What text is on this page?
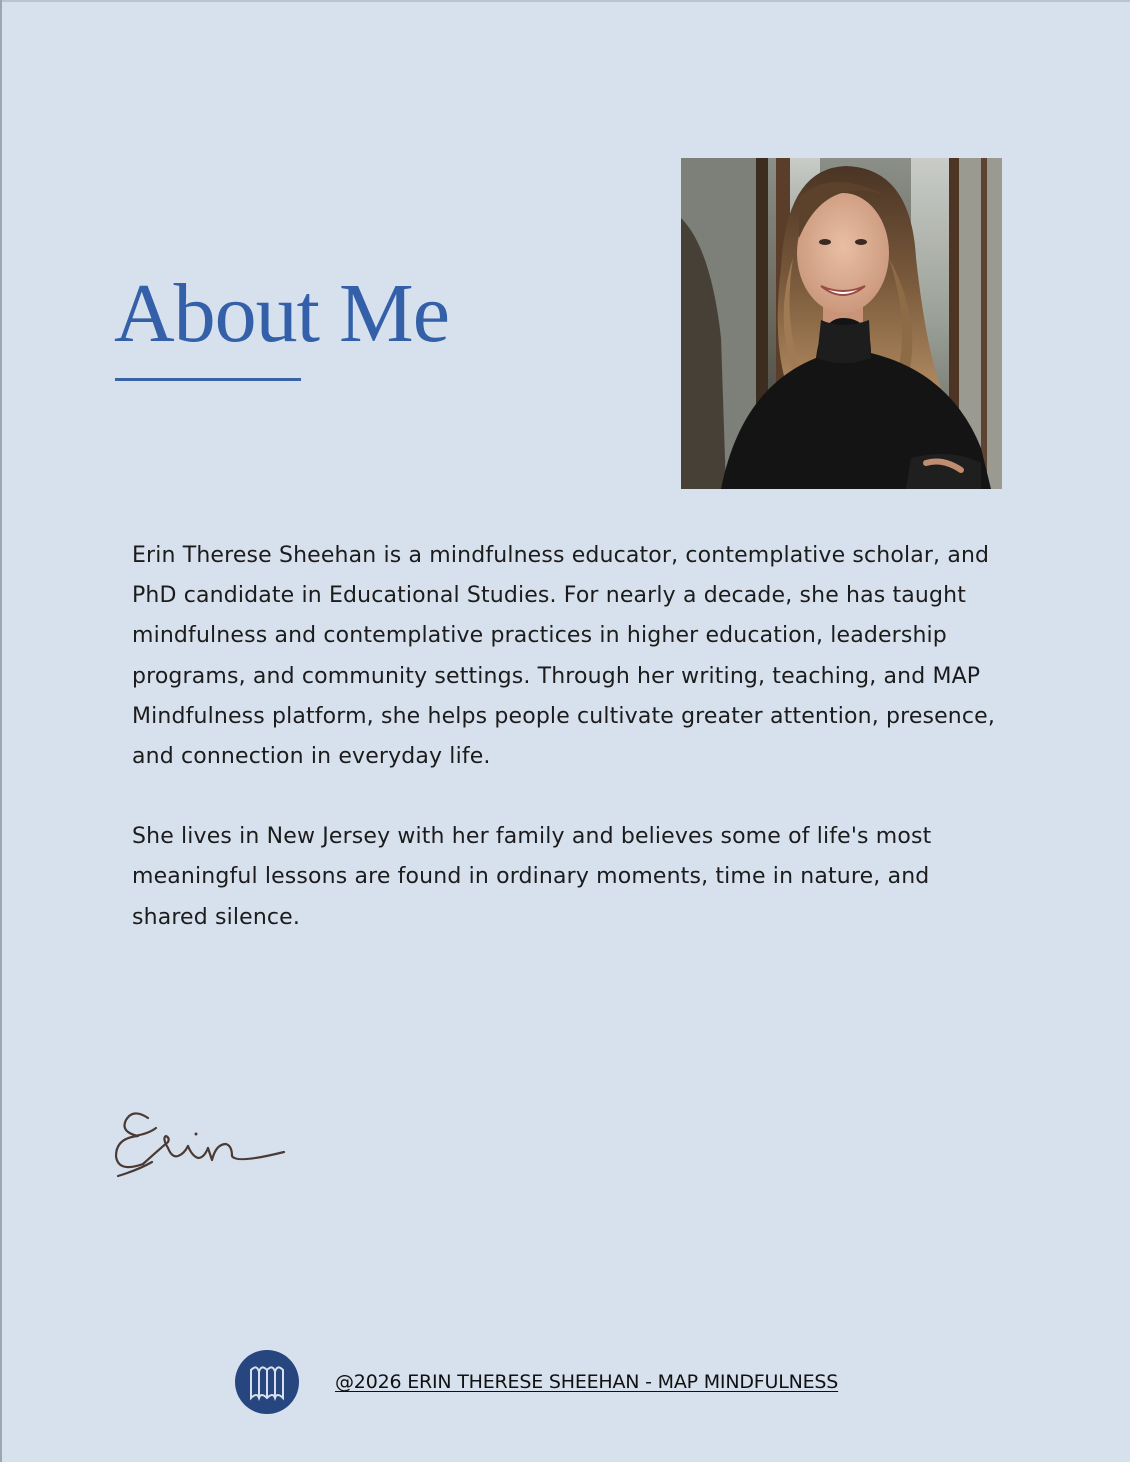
About Me

Erin Therese Sheehan is a mindfulness educator, contemplative scholar, and PhD candidate in Educational Studies. For nearly a decade, she has taught mindfulness and contemplative practices in higher education, leadership programs, and community settings. Through her writing, teaching, and MAP Mindfulness platform, she helps people cultivate greater attention, presence, and connection in everyday life.

She lives in New Jersey with her family and believes some of life's most meaningful lessons are found in ordinary moments, time in nature, and shared silence.

@2026 ERIN THERESE SHEEHAN - MAP MINDFULNESS
